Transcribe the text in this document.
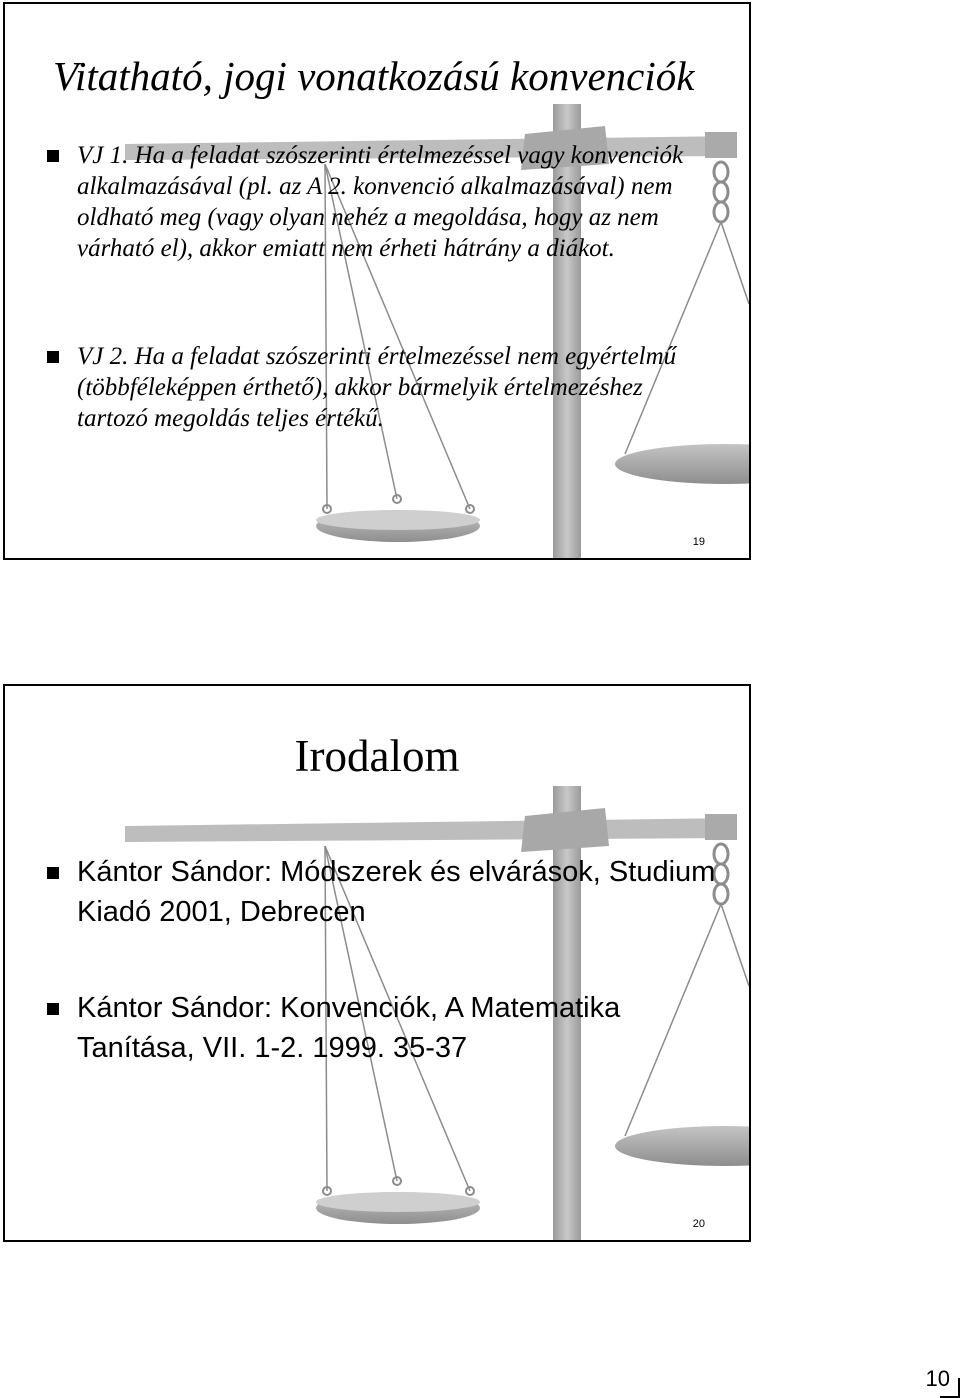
Vitatható, jogi vonatkozású konvenciók

VJ 1. Ha a feladat szószerinti értelmezéssel vagy konvenciók alkalmazásával (pl. az A 2. konvenció alkalmazásával) nem oldható meg (vagy olyan nehéz a megoldása, hogy az nem várható el), akkor emiatt nem érheti hátrány a diákot.

VJ 2. Ha a feladat szószerinti értelmezéssel nem egyértelmű (többféleképpen érthető), akkor bármelyik értelmezéshez tartozó megoldás teljes értékű.

19
Irodalom

Kántor Sándor: Módszerek és elvárások, Studium Kiadó 2001, Debrecen

Kántor Sándor: Konvenciók, A Matematika Tanítása, VII. 1-2. 1999. 35-37

20
10
